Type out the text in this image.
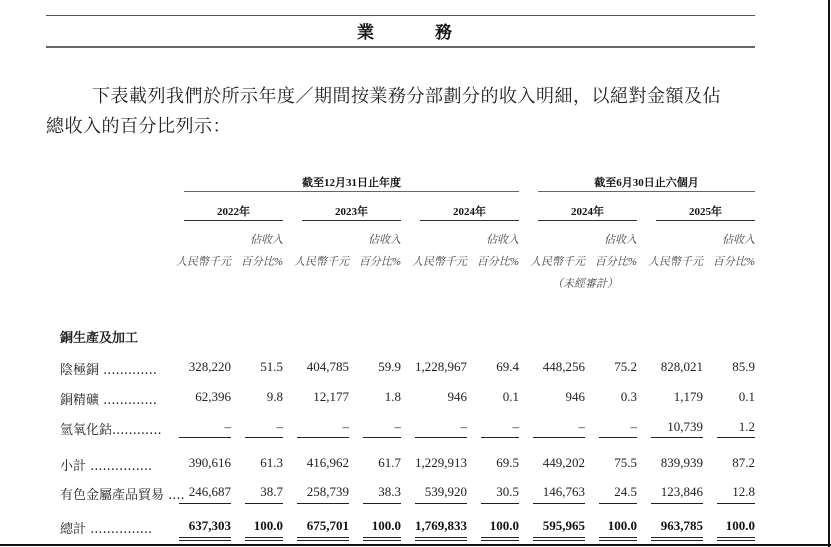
業　務
下表載列我們於所示年度／期間按業務分部劃分的收入明細，以絕對金額及佔
總收入的百分比列示：
截至12月31日止年度	截至6月30日止六個月
2022年	2023年	2024年	2024年	2025年
佔收入	佔收入	佔收入	佔收入	佔收入
人民幣千元 百分比%	人民幣千元 百分比%	人民幣千元 百分比%	人民幣千元 百分比%	人民幣千元 百分比%
（未經審計）
銅生產及加工
陰極銅 .............	328,220	51.5	404,785	59.9	1,228,967	69.4	448,256	75.2	828,021	85.9
銅精礦 .............	62,396	9.8	12,177	1.8	946	0.1	946	0.3	1,179	0.1
氫氧化鈷............	–	–	–	–	–	–	–	–	10,739	1.2
小計 ...............	390,616	61.3	416,962	61.7	1,229,913	69.5	449,202	75.5	839,939	87.2
有色金屬產品貿易 .... 246,687	38.7	258,739	38.3	539,920	30.5	146,763	24.5	123,846	12.8
總計 ...............	637,303	100.0	675,701	100.0	1,769,833	100.0	595,965	100.0	963,785	100.0
